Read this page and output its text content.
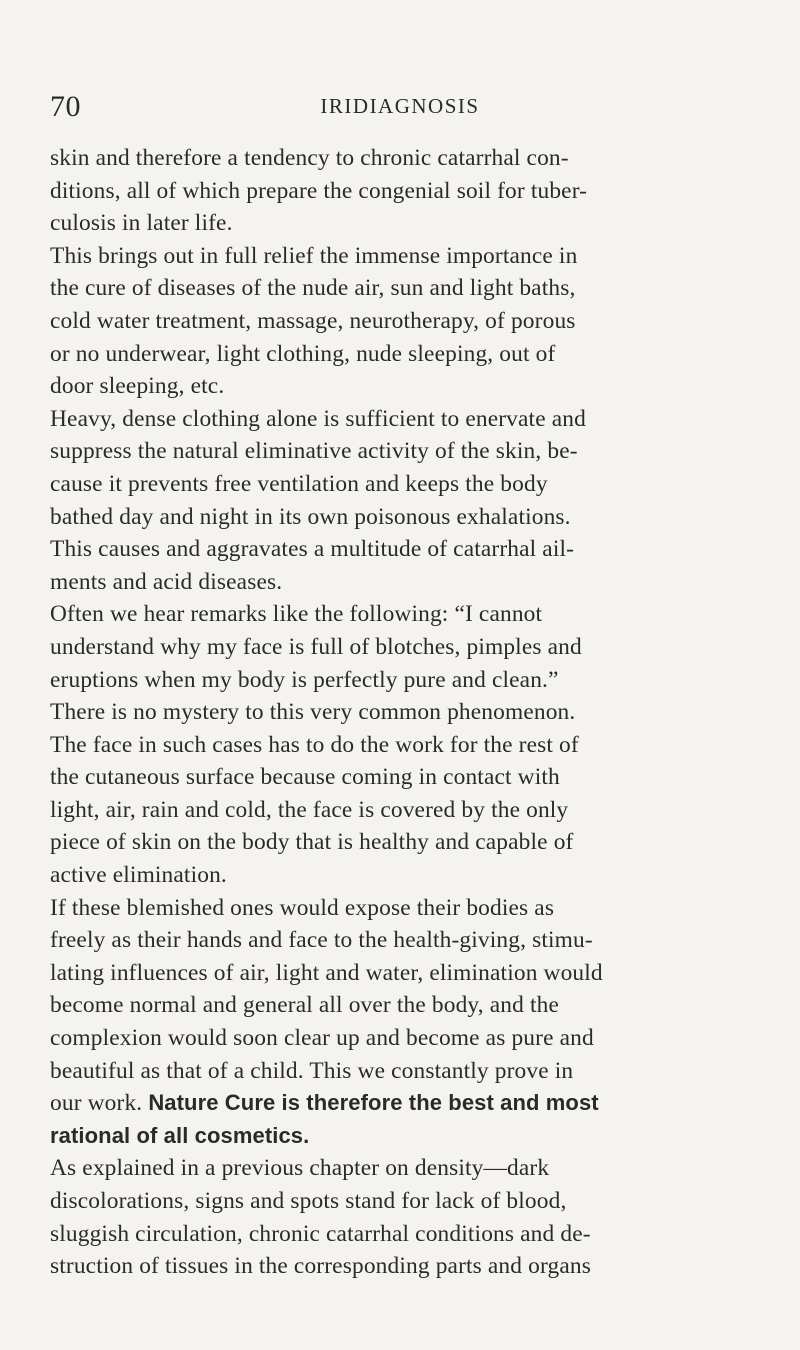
70	IRIDIAGNOSIS
skin and therefore a tendency to chronic catarrhal con-
ditions, all of which prepare the congenial soil for tuber-
culosis in later life.
This brings out in full relief the immense importance in
the cure of diseases of the nude air, sun and light baths,
cold water treatment, massage, neurotherapy, of porous
or no underwear, light clothing, nude sleeping, out of
door sleeping, etc.
Heavy, dense clothing alone is sufficient to enervate and
suppress the natural eliminative activity of the skin, be-
cause it prevents free ventilation and keeps the body
bathed day and night in its own poisonous exhalations.
This causes and aggravates a multitude of catarrhal ail-
ments and acid diseases.
Often we hear remarks like the following: “I cannot
understand why my face is full of blotches, pimples and
eruptions when my body is perfectly pure and clean.”
There is no mystery to this very common phenomenon.
The face in such cases has to do the work for the rest of
the cutaneous surface because coming in contact with
light, air, rain and cold, the face is covered by the only
piece of skin on the body that is healthy and capable of
active elimination.
If these blemished ones would expose their bodies as
freely as their hands and face to the health-giving, stimu-
lating influences of air, light and water, elimination would
become normal and general all over the body, and the
complexion would soon clear up and become as pure and
beautiful as that of a child. This we constantly prove in
our work. Nature Cure is therefore the best and most
rational of all cosmetics.
As explained in a previous chapter on density—dark
discolorations, signs and spots stand for lack of blood,
sluggish circulation, chronic catarrhal conditions and de-
struction of tissues in the corresponding parts and organs
